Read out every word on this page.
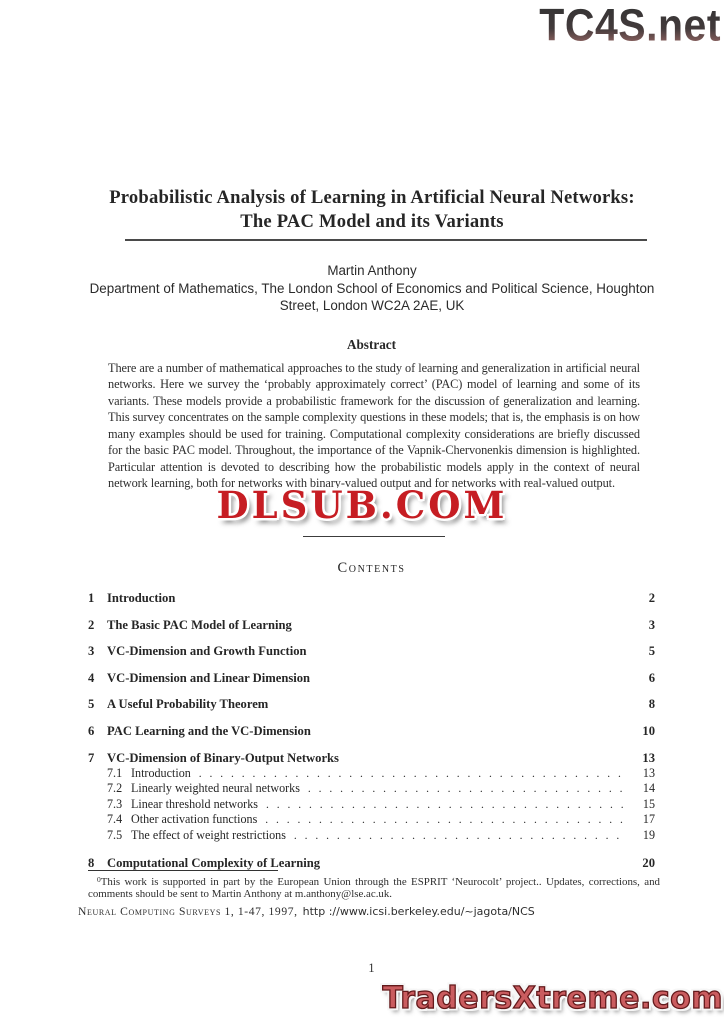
TC4S.net
Probabilistic Analysis of Learning in Artificial Neural Networks:
The PAC Model and its Variants
Martin Anthony
Department of Mathematics, The London School of Economics and Political Science, Houghton
Street, London WC2A 2AE, UK
Abstract
There are a number of mathematical approaches to the study of learning and generalization in artificial neural networks. Here we survey the ‘probably approximately correct’ (PAC) model of learning and some of its variants. These models provide a probabilistic framework for the discussion of generalization and learning. This survey concentrates on the sample complexity questions in these models; that is, the emphasis is on how many examples should be used for training. Computational complexity considerations are briefly discussed for the basic PAC model. Throughout, the importance of the Vapnik-Chervonenkis dimension is highlighted. Particular attention is devoted to describing how the probabilistic models apply in the context of neural network learning, both for networks with binary-valued output and for networks with real-valued output.
DLSUB.COM
Contents
1	Introduction	2
2	The Basic PAC Model of Learning	3
3	VC-Dimension and Growth Function	5
4	VC-Dimension and Linear Dimension	6
5	A Useful Probability Theorem	8
6	PAC Learning and the VC-Dimension	10
7	VC-Dimension of Binary-Output Networks	13
7.1 Introduction . . .	13
7.2 Linearly weighted neural networks . . .	14
7.3 Linear threshold networks . . .	15
7.4 Other activation functions . . .	17
7.5 The effect of weight restrictions . . .	19
8	Computational Complexity of Learning	20
$^0$This work is supported in part by the European Union through the ESPRIT ‘Neurocolt’ project.. Updates, corrections, and comments should be sent to Martin Anthony at m.anthony@lse.ac.uk.
Neural Computing Surveys 1, 1-47, 1997, http ://www.icsi.berkeley.edu/~jagota/NCS
1
TradersXtreme.com
